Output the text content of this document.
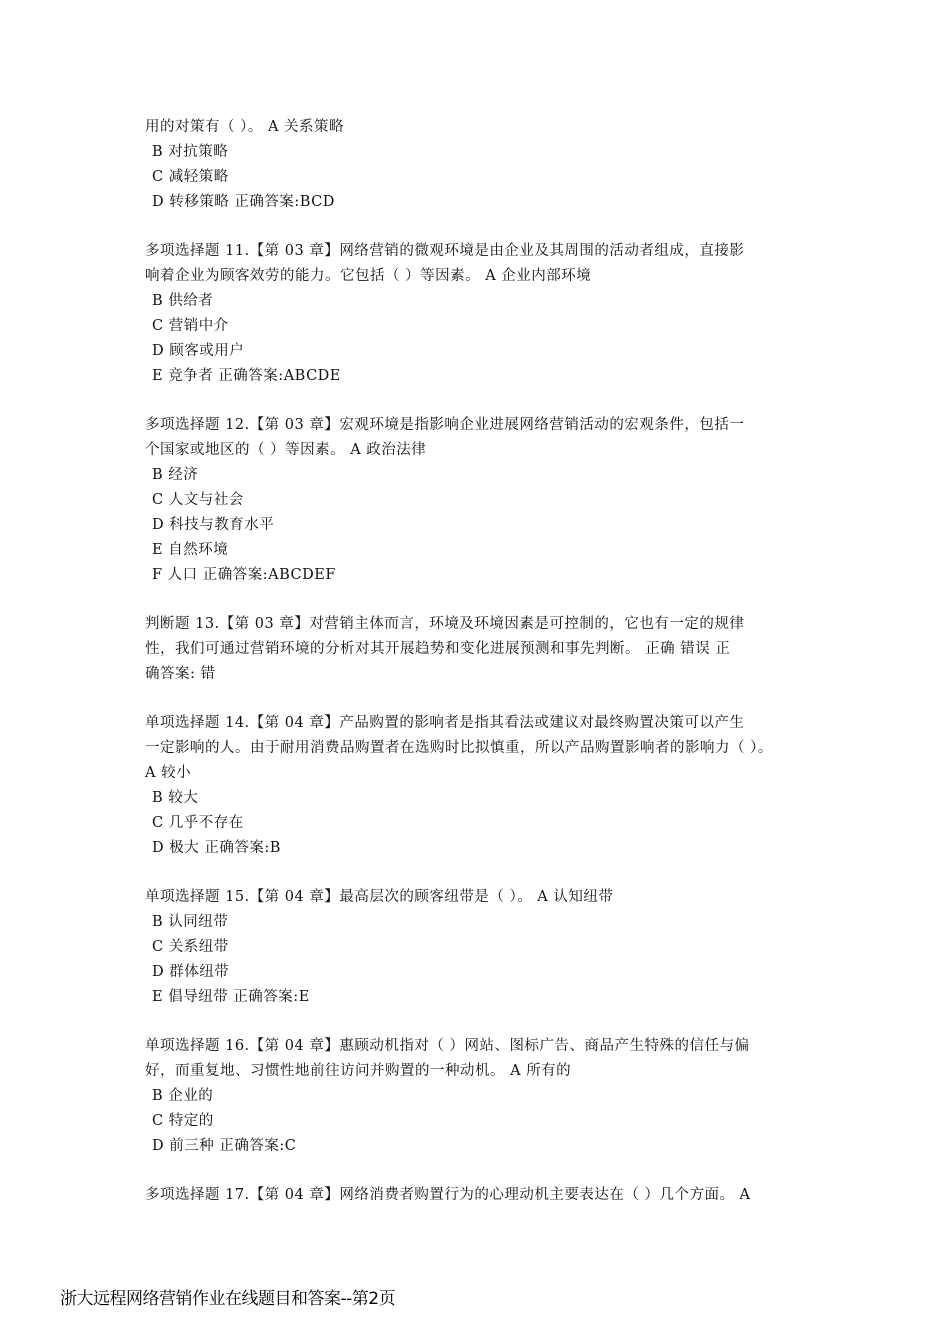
用的对策有（ ）。 A 关系策略
B 对抗策略
C 减轻策略
D 转移策略 正确答案:BCD
多项选择题 11.【第 03 章】网络营销的微观环境是由企业及其周围的活动者组成，直接影
响着企业为顾客效劳的能力。它包括（ ）等因素。 A 企业内部环境
B 供给者
C 营销中介
D 顾客或用户
E 竞争者 正确答案:ABCDE
多项选择题 12.【第 03 章】宏观环境是指影响企业进展网络营销活动的宏观条件，包括一
个国家或地区的（ ）等因素。 A 政治法律
B 经济
C 人文与社会
D 科技与教育水平
E 自然环境
F 人口 正确答案:ABCDEF
判断题 13.【第 03 章】对营销主体而言，环境及环境因素是可控制的，它也有一定的规律
性，我们可通过营销环境的分析对其开展趋势和变化进展预测和事先判断。 正确 错误 正
确答案: 错
单项选择题 14.【第 04 章】产品购置的影响者是指其看法或建议对最终购置决策可以产生
一定影响的人。由于耐用消费品购置者在选购时比拟慎重，所以产品购置影响者的影响力（ ）。
A 较小
B 较大
C 几乎不存在
D 极大 正确答案:B
单项选择题 15.【第 04 章】最高层次的顾客纽带是（ ）。 A 认知纽带
B 认同纽带
C 关系纽带
D 群体纽带
E 倡导纽带 正确答案:E
单项选择题 16.【第 04 章】惠顾动机指对（ ）网站、图标广告、商品产生特殊的信任与偏
好，而重复地、习惯性地前往访问并购置的一种动机。 A 所有的
B 企业的
C 特定的
D 前三种 正确答案:C
多项选择题 17.【第 04 章】网络消费者购置行为的心理动机主要表达在（ ）几个方面。 A
浙大远程网络营销作业在线题目和答案--第2页
